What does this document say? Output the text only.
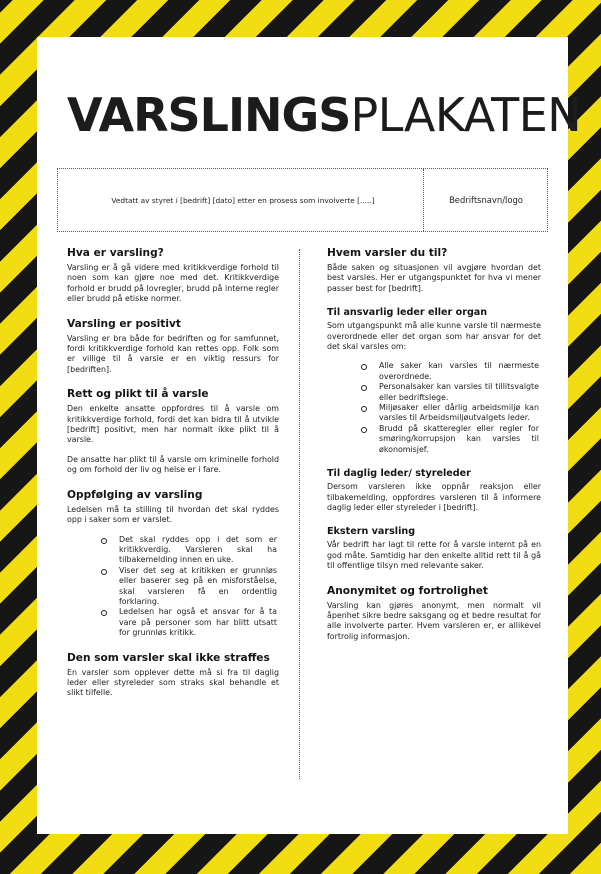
VARSLINGSPLAKATEN
Vedtatt av styret i [bedrift] [dato] etter en prosess som involverte [.....]	Bedriftsnavn/logo
Hva er varsling?

Varsling er å gå videre med kritikkverdige forhold til noen som kan gjøre noe med det. Kritikkverdige forhold er brudd på lovregler, brudd på interne regler eller brudd på etiske normer.

Varsling er positivt

Varsling er bra både for bedriften og for samfunnet, fordi kritikkverdige forhold kan rettes opp. Folk som er villige til å varsle er en viktig ressurs for [bedriften].

Rett og plikt til å varsle

Den enkelte ansatte oppfordres til å varsle om kritikkverdige forhold, fordi det kan bidra til å utvikle [bedrift] positivt, men har normalt ikke plikt til å varsle.

De ansatte har plikt til å varsle om kriminelle forhold og om forhold der liv og helse er i fare.

Oppfølging av varsling

Ledelsen må ta stilling til hvordan det skal ryddes opp i saker som er varslet.

Det skal ryddes opp i det som er kritikkverdig. Varsleren skal ha tilbakemelding innen en uke.
Viser det seg at kritikken er grunnløs eller baserer seg på en misforståelse, skal varsleren få en ordentlig forklaring.
Ledelsen har også et ansvar for å ta vare på personer som har blitt utsatt for grunnløs kritikk.
Den som varsler skal ikke straffes

En varsler som opplever dette må si fra til daglig leder eller styreleder som straks skal behandle et slikt tilfelle.

Hvem varsler du til?

Både saken og situasjonen vil avgjøre hvordan det best varsles. Her er utgangspunktet for hva vi mener passer best for [bedrift].

Til ansvarlig leder eller organ

Som utgangspunkt må alle kunne varsle til nærmeste overordnede eller det organ som har ansvar for det det skal varsles om:

Alle saker kan varsles til nærmeste overordnede.
Personalsaker kan varsles til tillitsvalgte eller bedriftslege.
Miljøsaker eller dårlig arbeidsmiljø kan varsles til Arbeidsmiljøutvalgets leder.
Brudd på skatteregler eller regler for smøring/korrupsjon kan varsles til økonomisjef.
Til daglig leder/ styreleder

Dersom varsleren ikke oppnår reaksjon eller tilbakemelding, oppfordres varsleren til å informere daglig leder eller styreleder i [bedrift].

Ekstern varsling

Vår bedrift har lagt til rette for å varsle internt på en god måte. Samtidig har den enkelte alltid rett til å gå til offentlige tilsyn med relevante saker.

Anonymitet og fortrolighet

Varsling kan gjøres anonymt, men normalt vil åpenhet sikre bedre saksgang og et bedre resultat for alle involverte parter. Hvem varsleren er, er allikevel fortrolig informasjon.
